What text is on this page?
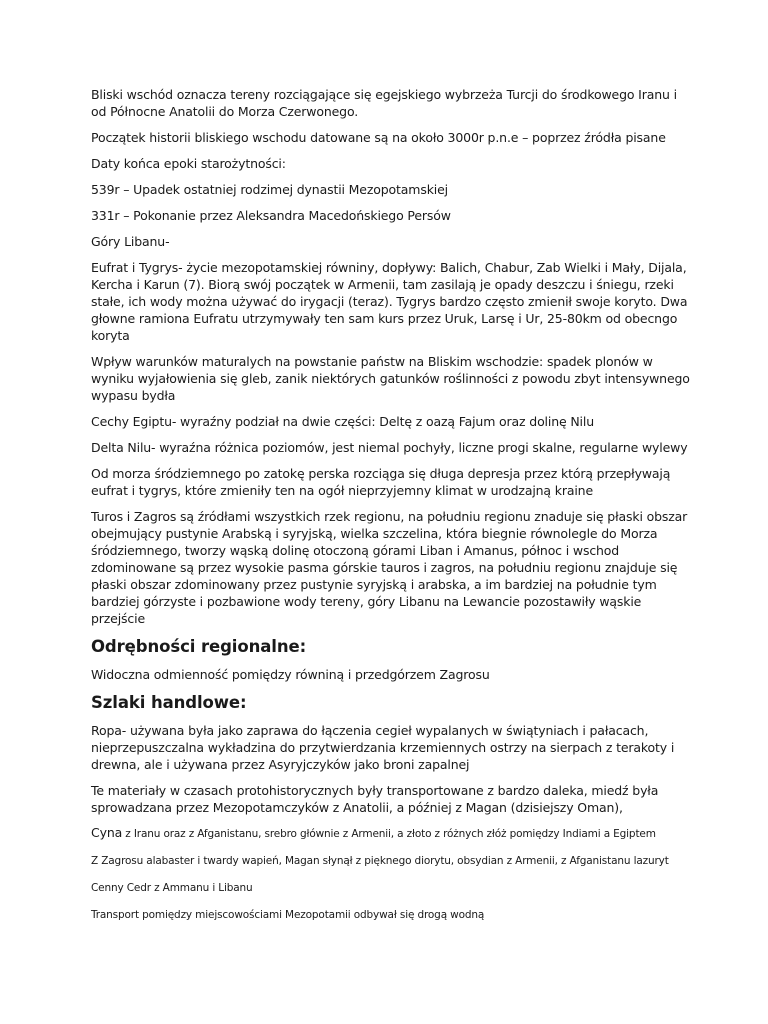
Bliski wschód oznacza tereny rozciągające się egejskiego wybrzeża Turcji do środkowego Iranu i od Północne Anatolii do Morza Czerwonego.

Początek historii bliskiego wschodu datowane są na około 3000r p.n.e – poprzez źródła pisane

Daty końca epoki starożytności:

539r – Upadek ostatniej rodzimej dynastii Mezopotamskiej

331r – Pokonanie przez Aleksandra Macedońskiego Persów

Góry Libanu-

Eufrat i Tygrys- życie mezopotamskiej równiny, dopływy: Balich, Chabur, Zab Wielki i Mały, Dijala, Kercha i Karun (7). Biorą swój początek w Armenii, tam zasilają je opady deszczu i śniegu, rzeki stałe, ich wody można używać do irygacji (teraz). Tygrys bardzo często zmienił swoje koryto. Dwa głowne ramiona Eufratu utrzymywały ten sam kurs przez Uruk, Larsę i Ur, 25-80km od obecngo koryta

Wpływ warunków maturalych na powstanie państw na Bliskim wschodzie: spadek plonów w wyniku wyjałowienia się gleb, zanik niektórych gatunków roślinności z powodu zbyt intensywnego wypasu bydła

Cechy Egiptu- wyraźny podział na dwie części: Deltę z oazą Fajum oraz dolinę Nilu

Delta Nilu- wyraźna różnica poziomów, jest niemal pochyły, liczne progi skalne, regularne wylewy

Od morza śródziemnego po zatokę perska rozciąga się długa depresja przez którą przepływają eufrat i tygrys, które zmieniły ten na ogół nieprzyjemny klimat w urodzajną kraine

Turos i Zagros są źródłami wszystkich rzek regionu, na południu regionu znaduje się płaski obszar obejmujący pustynie Arabską i syryjską, wielka szczelina, która biegnie równolegle do Morza śródziemnego, tworzy wąską dolinę otoczoną górami Liban i Amanus, północ i wschod zdominowane są przez wysokie pasma górskie tauros i zagros, na południu regionu znajduje się płaski obszar zdominowany przez pustynie syryjską i arabska, a im bardziej na południe tym bardziej górzyste i pozbawione wody tereny, góry Libanu na Lewancie pozostawiły wąskie przejście

Odrębności regionalne:

Widoczna odmienność pomiędzy równiną i przedgórzem Zagrosu

Szlaki handlowe:

Ropa- używana była jako zaprawa do łączenia cegieł wypalanych w świątyniach i pałacach, nieprzepuszczalna wykładzina do przytwierdzania krzemiennych ostrzy na sierpach z terakoty i drewna, ale i używana przez Asyryjczyków jako broni zapalnej

Te materiały w czasach protohistorycznych były transportowane z bardzo daleka, miedź była sprowadzana przez Mezopotamczyków z Anatolii, a później z Magan (dzisiejszy Oman),

Cyna z Iranu oraz z Afganistanu, srebro głównie z Armenii, a złoto z różnych złóż pomiędzy Indiami a Egiptem

Z Zagrosu alabaster i twardy wapień, Magan słynął z pięknego diorytu, obsydian z Armenii, z Afganistanu lazuryt

Cenny Cedr z Ammanu i Libanu

Transport pomiędzy miejscowościami Mezopotamii odbywał się drogą wodną
